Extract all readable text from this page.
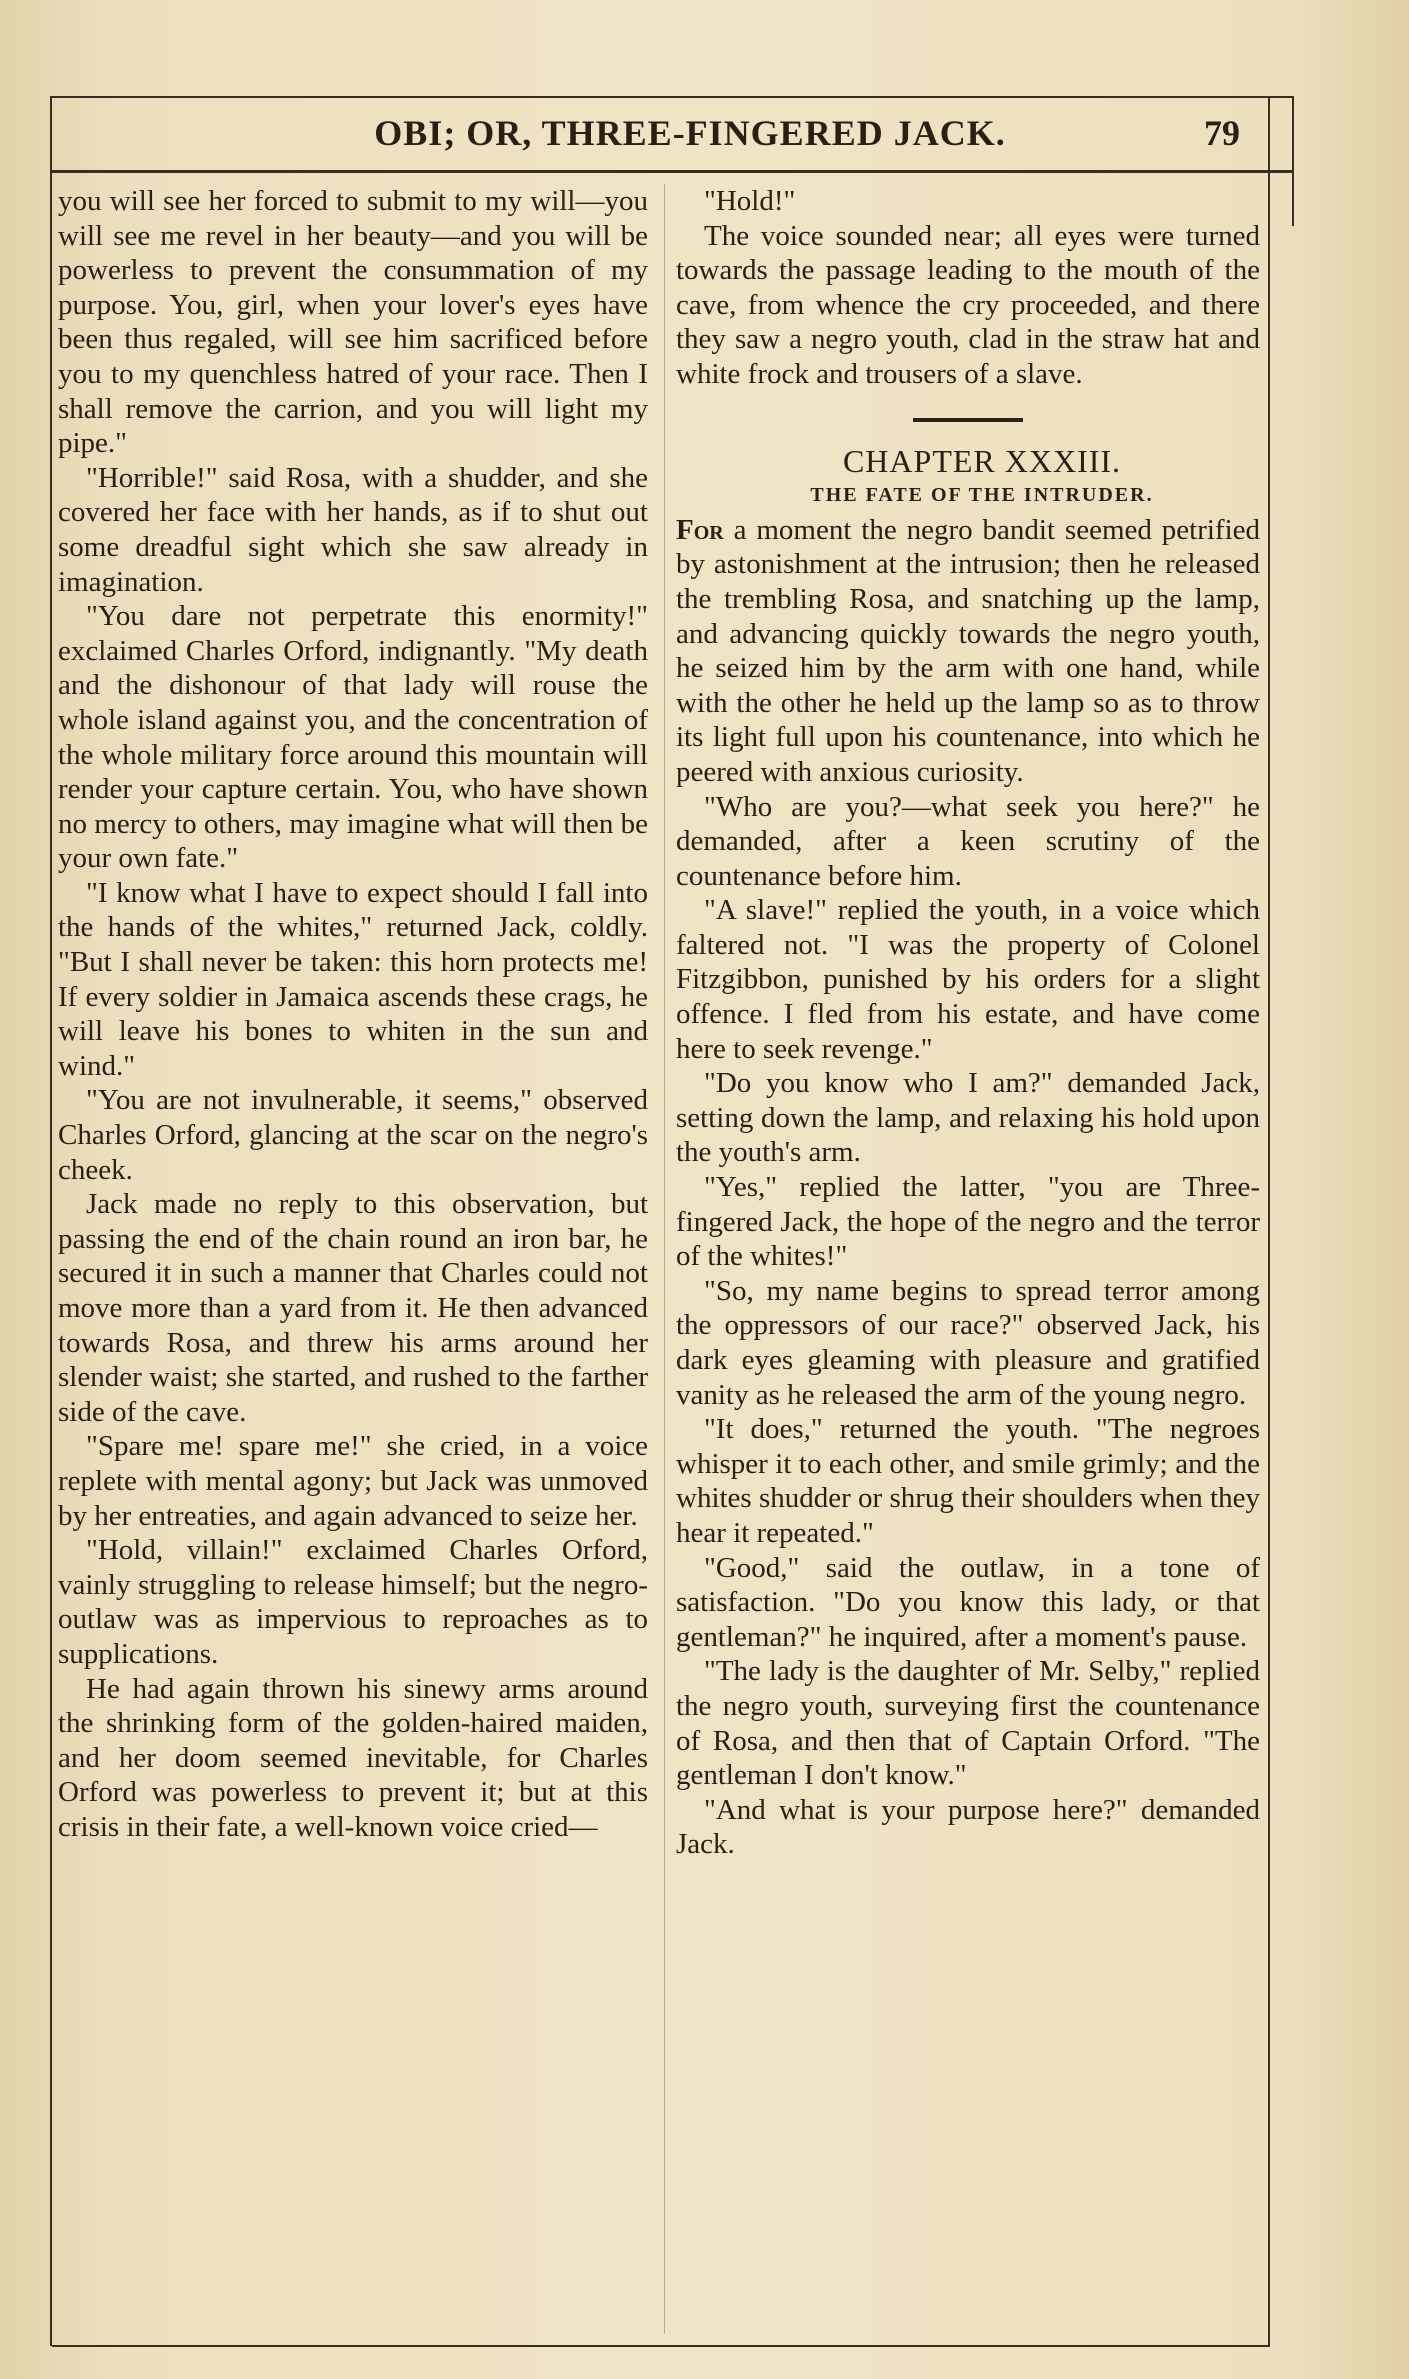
OBI; OR, THREE-FINGERED JACK.	79

you will see her forced to submit to my will—you will see me revel in her beauty—and you will be powerless to prevent the consummation of my purpose. You, girl, when your lover's eyes have been thus regaled, will see him sacrificed before you to my quenchless hatred of your race. Then I shall remove the carrion, and you will light my pipe."

"Horrible!" said Rosa, with a shudder, and she covered her face with her hands, as if to shut out some dreadful sight which she saw already in imagination.

"You dare not perpetrate this enormity!" exclaimed Charles Orford, indignantly. "My death and the dishonour of that lady will rouse the whole island against you, and the concentration of the whole military force around this mountain will render your capture certain. You, who have shown no mercy to others, may imagine what will then be your own fate."

"I know what I have to expect should I fall into the hands of the whites," returned Jack, coldly. "But I shall never be taken: this horn protects me! If every soldier in Jamaica ascends these crags, he will leave his bones to whiten in the sun and wind."

"You are not invulnerable, it seems," observed Charles Orford, glancing at the scar on the negro's cheek.

Jack made no reply to this observation, but passing the end of the chain round an iron bar, he secured it in such a manner that Charles could not move more than a yard from it. He then advanced towards Rosa, and threw his arms around her slender waist; she started, and rushed to the farther side of the cave.

"Spare me! spare me!" she cried, in a voice replete with mental agony; but Jack was unmoved by her entreaties, and again advanced to seize her.

"Hold, villain!" exclaimed Charles Orford, vainly struggling to release himself; but the negro-outlaw was as impervious to reproaches as to supplications.

He had again thrown his sinewy arms around the shrinking form of the golden-haired maiden, and her doom seemed inevitable, for Charles Orford was powerless to prevent it; but at this crisis in their fate, a well-known voice cried—

"Hold!"

The voice sounded near; all eyes were turned towards the passage leading to the mouth of the cave, from whence the cry proceeded, and there they saw a negro youth, clad in the straw hat and white frock and trousers of a slave.

CHAPTER XXXIII.

THE FATE OF THE INTRUDER.

For a moment the negro bandit seemed petrified by astonishment at the intrusion; then he released the trembling Rosa, and snatching up the lamp, and advancing quickly towards the negro youth, he seized him by the arm with one hand, while with the other he held up the lamp so as to throw its light full upon his countenance, into which he peered with anxious curiosity.

"Who are you?—what seek you here?" he demanded, after a keen scrutiny of the countenance before him.

"A slave!" replied the youth, in a voice which faltered not. "I was the property of Colonel Fitzgibbon, punished by his orders for a slight offence. I fled from his estate, and have come here to seek revenge."

"Do you know who I am?" demanded Jack, setting down the lamp, and relaxing his hold upon the youth's arm.

"Yes," replied the latter, "you are Three-fingered Jack, the hope of the negro and the terror of the whites!"

"So, my name begins to spread terror among the oppressors of our race?" observed Jack, his dark eyes gleaming with pleasure and gratified vanity as he released the arm of the young negro.

"It does," returned the youth. "The negroes whisper it to each other, and smile grimly; and the whites shudder or shrug their shoulders when they hear it repeated."

"Good," said the outlaw, in a tone of satisfaction. "Do you know this lady, or that gentleman?" he inquired, after a moment's pause.

"The lady is the daughter of Mr. Selby," replied the negro youth, surveying first the countenance of Rosa, and then that of Captain Orford. "The gentleman I don't know."

"And what is your purpose here?" demanded Jack.
